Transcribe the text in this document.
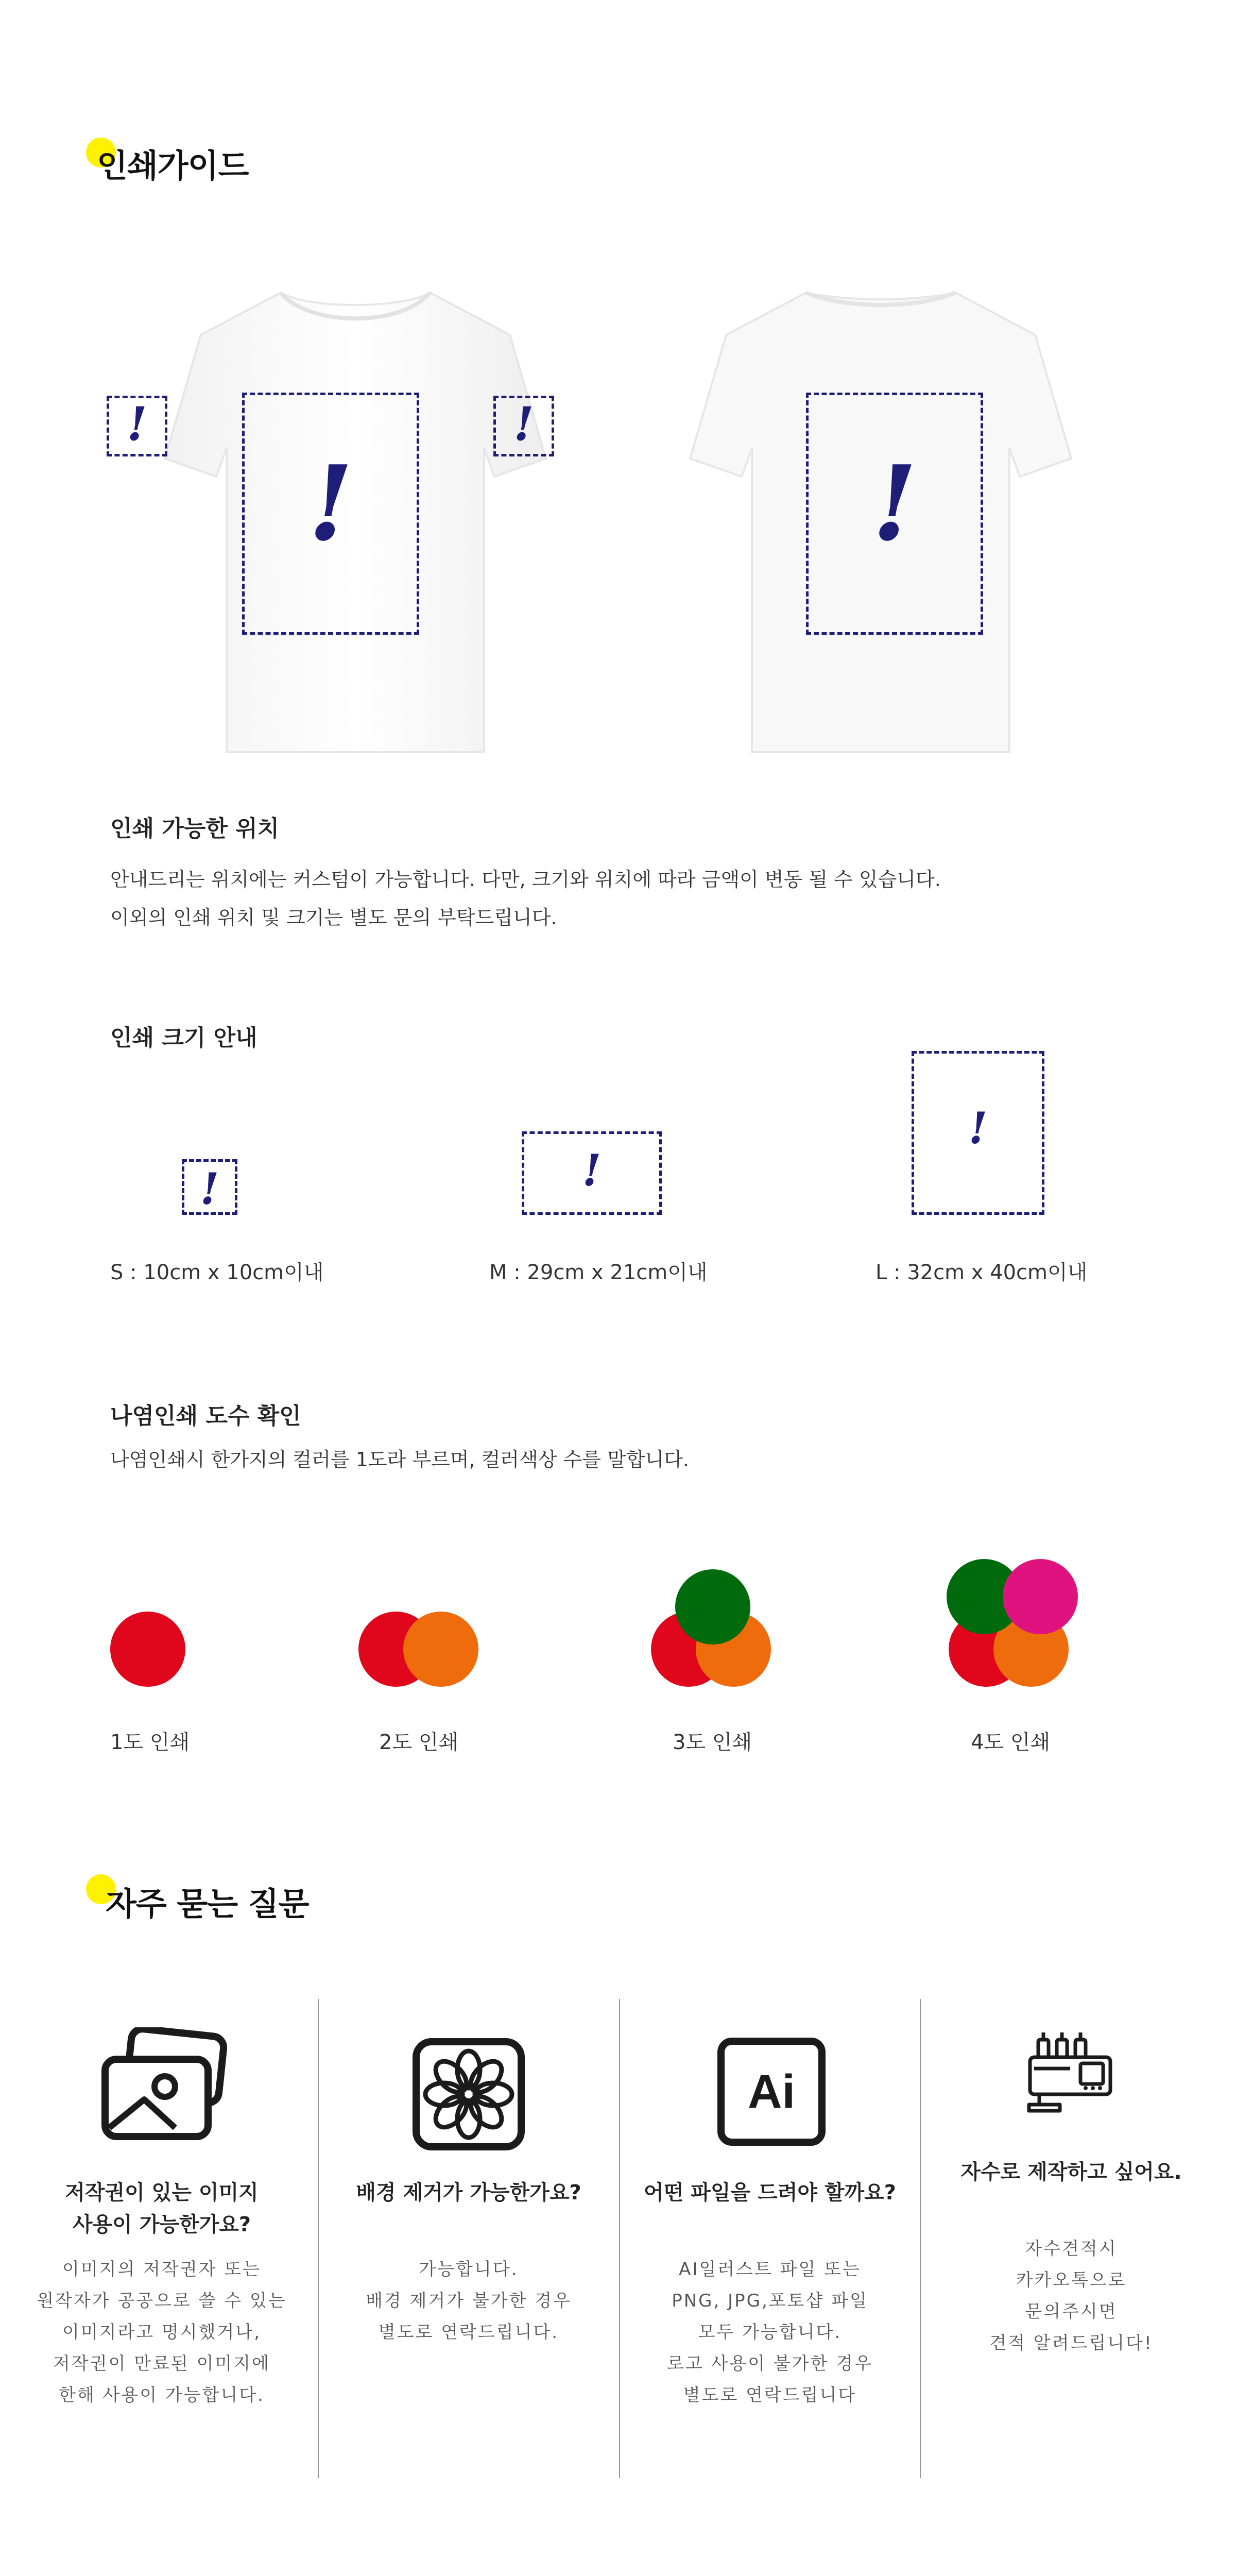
인쇄가이드
!
!	!
!
인쇄 가능한 위치
안내드리는 위치에는 커스텀이 가능합니다. 다만, 크기와 위치에 따라 금액이 변동 될 수 있습니다.
이외의 인쇄 위치 및 크기는 별도 문의 부탁드립니다.
인쇄 크기 안내
!
S : 10cm x 10cm이내
!
M : 29cm x 21cm이내
!
L : 32cm x 40cm이내
나염인쇄 도수 확인
나염인쇄시 한가지의 컬러를 1도라 부르며, 컬러색상 수를 말합니다.
1도 인쇄	2도 인쇄	3도 인쇄	4도 인쇄
자주 묻는 질문
Ai
저작권이 있는 이미지
사용이 가능한가요?
이미지의 저작권자 또는
원작자가 공공으로 쓸 수 있는
이미지라고 명시했거나,
저작권이 만료된 이미지에
한해 사용이 가능합니다.
배경 제거가 가능한가요?
가능합니다.
배경 제거가 불가한 경우
별도로 연락드립니다.
어떤 파일을 드려야 할까요?
AI일러스트 파일 또는
PNG, JPG,포토샵 파일
모두 가능합니다.
로고 사용이 불가한 경우
별도로 연락드립니다
자수로 제작하고 싶어요.
자수견적시
카카오톡으로
문의주시면
견적 알려드립니다!
